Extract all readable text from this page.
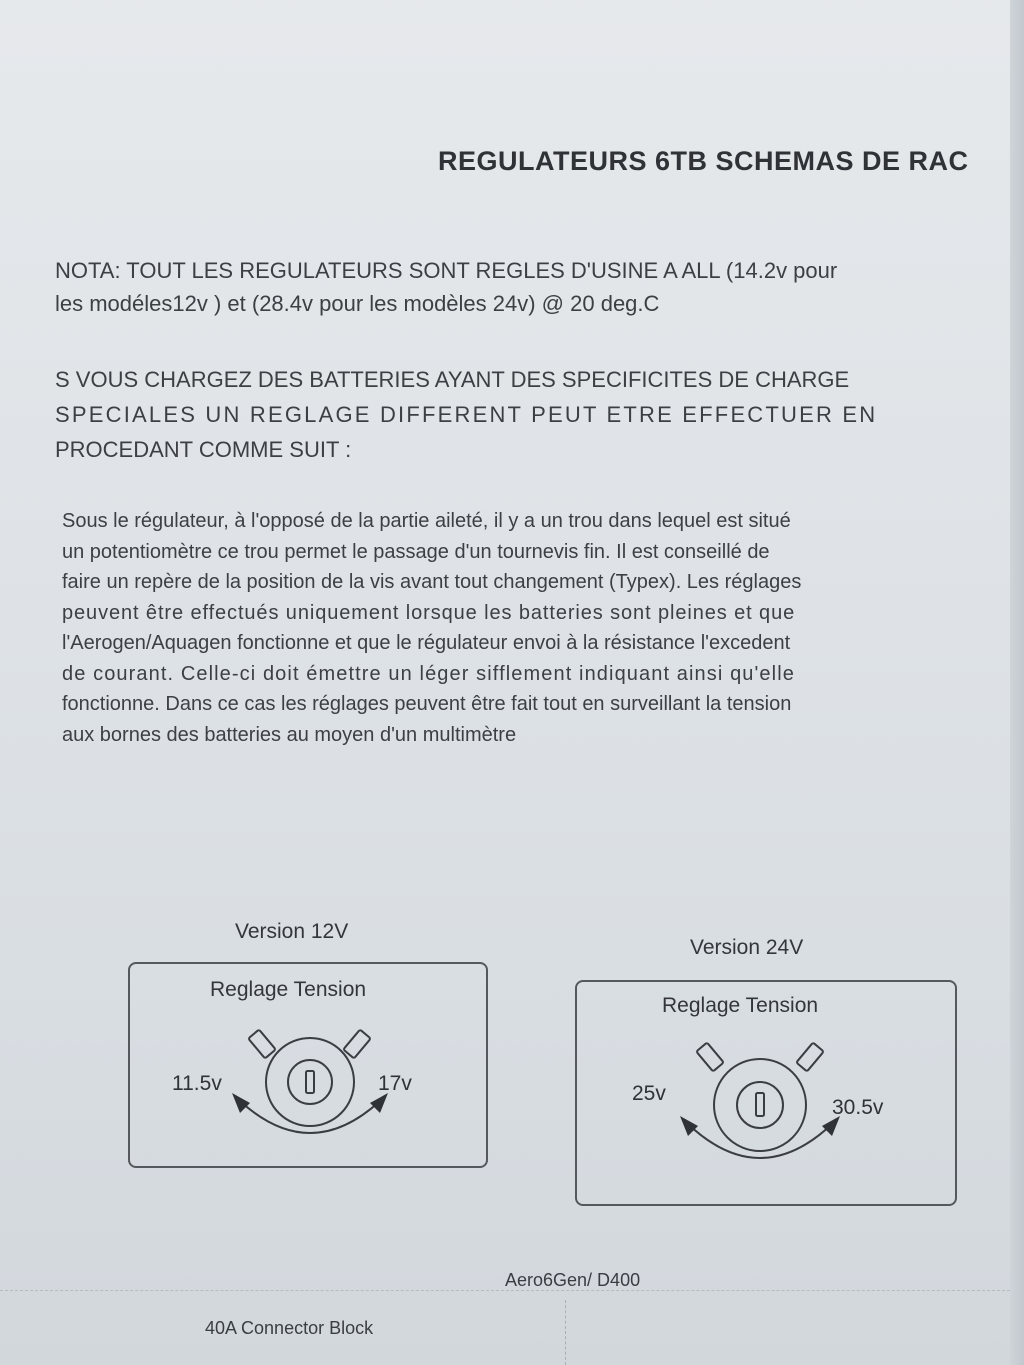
REGULATEURS 6TB SCHEMAS DE RAC
NOTA: TOUT LES REGULATEURS SONT REGLES D'USINE A ALL (14.2v pour
les modéles12v ) et (28.4v pour les modèles 24v) @ 20 deg.C
S VOUS CHARGEZ DES BATTERIES AYANT DES SPECIFICITES DE CHARGE
SPECIALES UN REGLAGE DIFFERENT PEUT ETRE EFFECTUER EN
PROCEDANT COMME SUIT :
Sous le régulateur, à l'opposé de la partie aileté, il y a un trou dans lequel est situé
un potentiomètre ce trou permet le passage d'un tournevis fin. Il est conseillé de
faire un repère de la position de la vis avant tout changement (Typex). Les réglages
peuvent être effectués uniquement lorsque les batteries sont pleines et que
l'Aerogen/Aquagen fonctionne et que le régulateur envoi à la résistance l'excedent
de courant. Celle-ci doit émettre un léger sifflement indiquant ainsi qu'elle
fonctionne. Dans ce cas les réglages peuvent être fait tout en surveillant la tension
aux bornes des batteries au moyen d'un multimètre
Version 12V
Reglage Tension
11.5v	17v
Version 24V
Reglage Tension
25v
30.5v
Aero6Gen/ D400
40A Connector Block
